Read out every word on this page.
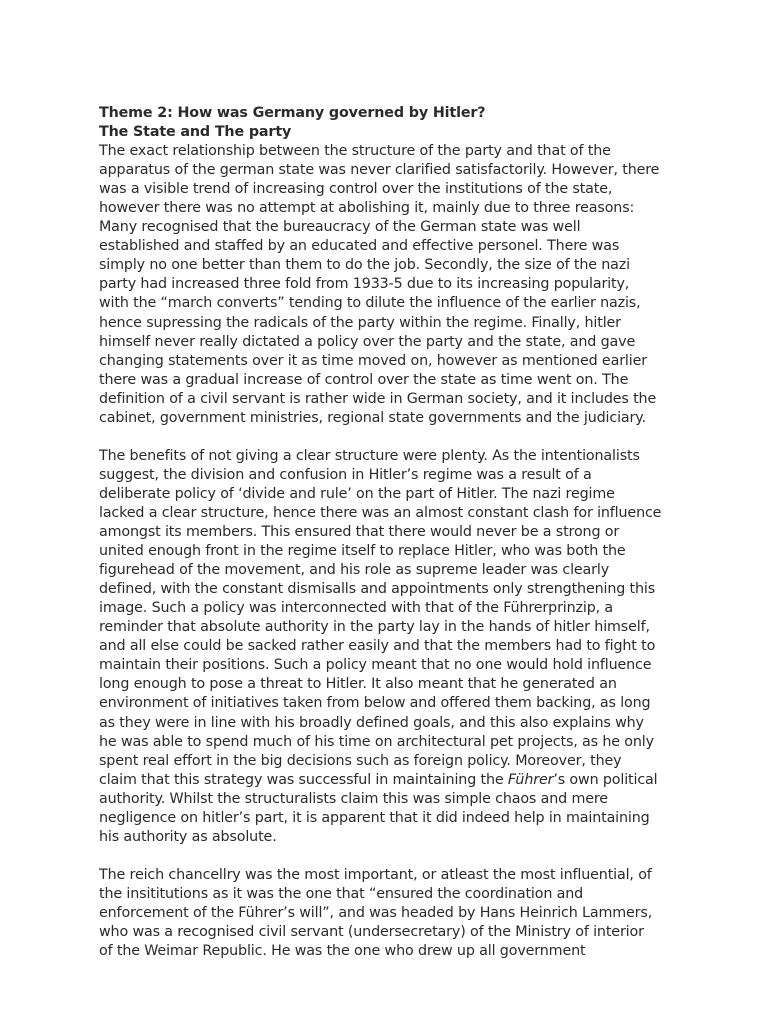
Theme 2: How was Germany governed by Hitler?

The State and The party

The exact relationship between the structure of the party and that of the
apparatus of the german state was never clarified satisfactorily. However, there
was a visible trend of increasing control over the institutions of the state,
however there was no attempt at abolishing it, mainly due to three reasons:
Many recognised that the bureaucracy of the German state was well
established and staffed by an educated and effective personel. There was
simply no one better than them to do the job. Secondly, the size of the nazi
party had increased three fold from 1933-5 due to its increasing popularity,
with the “march converts” tending to dilute the influence of the earlier nazis,
hence supressing the radicals of the party within the regime. Finally, hitler
himself never really dictated a policy over the party and the state, and gave
changing statements over it as time moved on, however as mentioned earlier
there was a gradual increase of control over the state as time went on. The
definition of a civil servant is rather wide in German society, and it includes the
cabinet, government ministries, regional state governments and the judiciary.
The benefits of not giving a clear structure were plenty. As the intentionalists
suggest, the division and confusion in Hitler’s regime was a result of a
deliberate policy of ‘divide and rule’ on the part of Hitler. The nazi regime
lacked a clear structure, hence there was an almost constant clash for influence
amongst its members. This ensured that there would never be a strong or
united enough front in the regime itself to replace Hitler, who was both the
figurehead of the movement, and his role as supreme leader was clearly
defined, with the constant dismisalls and appointments only strengthening this
image. Such a policy was interconnected with that of the Führerprinzip, a
reminder that absolute authority in the party lay in the hands of hitler himself,
and all else could be sacked rather easily and that the members had to fight to
maintain their positions. Such a policy meant that no one would hold influence
long enough to pose a threat to Hitler. It also meant that he generated an
environment of initiatives taken from below and offered them backing, as long
as they were in line with his broadly defined goals, and this also explains why
he was able to spend much of his time on architectural pet projects, as he only
spent real effort in the big decisions such as foreign policy. Moreover, they
claim that this strategy was successful in maintaining the Führer’s own political
authority. Whilst the structuralists claim this was simple chaos and mere
negligence on hitler’s part, it is apparent that it did indeed help in maintaining
his authority as absolute.
The reich chancellry was the most important, or atleast the most influential, of
the insititutions as it was the one that “ensured the coordination and
enforcement of the Führer’s will”, and was headed by Hans Heinrich Lammers,
who was a recognised civil servant (undersecretary) of the Ministry of interior
of the Weimar Republic. He was the one who drew up all government
